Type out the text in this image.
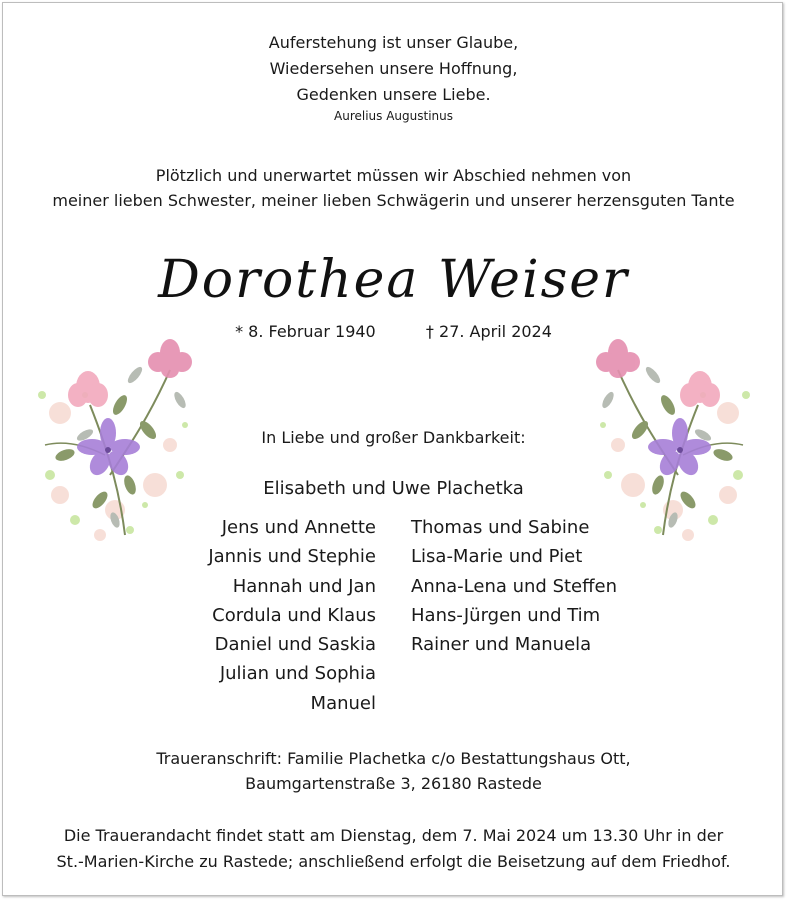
Auferstehung ist unser Glaube,
Wiedersehen unsere Hoffnung,
Gedenken unsere Liebe.
Aurelius Augustinus
Plötzlich und unerwartet müssen wir Abschied nehmen von
meiner lieben Schwester, meiner lieben Schwägerin und unserer herzensguten Tante
Dorothea Weiser
* 8. Februar 1940	† 27. April 2024
In Liebe und großer Dankbarkeit:
Elisabeth und Uwe Plachetka
Jens und Annette
Jannis und Stephie
Hannah und Jan
Cordula und Klaus
Daniel und Saskia
Julian und Sophia
Manuel
Thomas und Sabine
Lisa-Marie und Piet
Anna-Lena und Steffen
Hans-Jürgen und Tim
Rainer und Manuela
Traueranschrift: Familie Plachetka c/o Bestattungshaus Ott,
Baumgartenstraße 3, 26180 Rastede
Die Trauerandacht findet statt am Dienstag, dem 7. Mai 2024 um 13.30 Uhr in der
St.-Marien-Kirche zu Rastede; anschließend erfolgt die Beisetzung auf dem Friedhof.
